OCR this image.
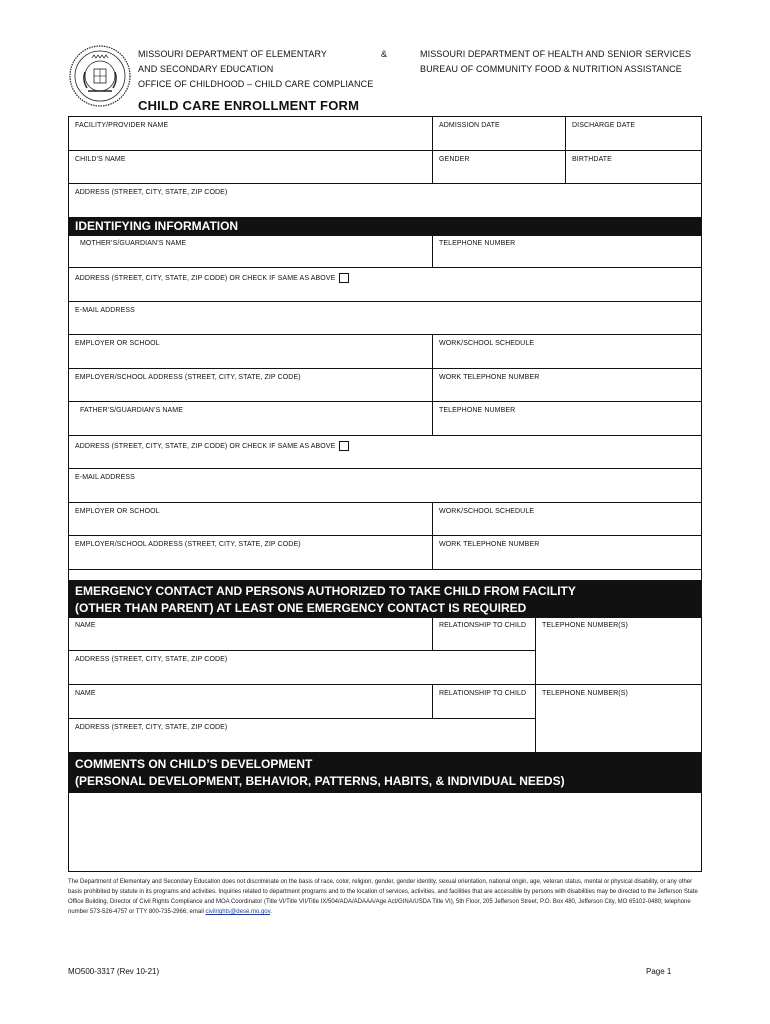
MISSOURI DEPARTMENT OF ELEMENTARY
AND SECONDARY EDUCATION
OFFICE OF CHILDHOOD – CHILD CARE COMPLIANCE
&	MISSOURI DEPARTMENT OF HEALTH AND SENIOR SERVICES
BUREAU OF COMMUNITY FOOD & NUTRITION ASSISTANCE
CHILD CARE ENROLLMENT FORM
FACILITY/PROVIDER NAME	ADMISSION DATE	DISCHARGE DATE
CHILD’S NAME	GENDER	BIRTHDATE
ADDRESS (STREET, CITY, STATE, ZIP CODE)
IDENTIFYING INFORMATION
MOTHER’S/GUARDIAN’S NAME	TELEPHONE NUMBER
ADDRESS (STREET, CITY, STATE, ZIP CODE) OR CHECK IF SAME AS ABOVE
E-MAIL ADDRESS
EMPLOYER OR SCHOOL	WORK/SCHOOL SCHEDULE
EMPLOYER/SCHOOL ADDRESS (STREET, CITY, STATE, ZIP CODE)	WORK TELEPHONE NUMBER
FATHER’S/GUARDIAN’S NAME	TELEPHONE NUMBER
ADDRESS (STREET, CITY, STATE, ZIP CODE) OR CHECK IF SAME AS ABOVE
E-MAIL ADDRESS
EMPLOYER OR SCHOOL	WORK/SCHOOL SCHEDULE
EMPLOYER/SCHOOL ADDRESS (STREET, CITY, STATE, ZIP CODE)	WORK TELEPHONE NUMBER
EMERGENCY CONTACT AND PERSONS AUTHORIZED TO TAKE CHILD FROM FACILITY
(OTHER THAN PARENT) AT LEAST ONE EMERGENCY CONTACT IS REQUIRED
NAME	RELATIONSHIP TO CHILD
ADDRESS (STREET, CITY, STATE, ZIP CODE)
TELEPHONE NUMBER(S)
NAME	RELATIONSHIP TO CHILD
ADDRESS (STREET, CITY, STATE, ZIP CODE)
TELEPHONE NUMBER(S)
COMMENTS ON CHILD’S DEVELOPMENT
(PERSONAL DEVELOPMENT, BEHAVIOR, PATTERNS, HABITS, & INDIVIDUAL NEEDS)
The Department of Elementary and Secondary Education does not discriminate on the basis of race, color, religion, gender, gender identity, sexual orientation, national origin, age, veteran status, mental or physical disability, or any other basis prohibited by statute in its programs and activities. Inquiries related to department programs and to the location of services, activities, and facilities that are accessible by persons with disabilities may be directed to the Jefferson State Office Building, Director of Civil Rights Compliance and MOA Coordinator (Title VI/Title VII/Title IX/504/ADA/ADAAA/Age Act/GINA/USDA Title VI), 5th Floor, 205 Jefferson Street, P.O. Box 480, Jefferson City, MO 65102-0480; telephone number 573-526-4757 or TTY 800-735-2966; email civilrights@dese.mo.gov.
MO500-3317 (Rev 10-21)	Page 1
